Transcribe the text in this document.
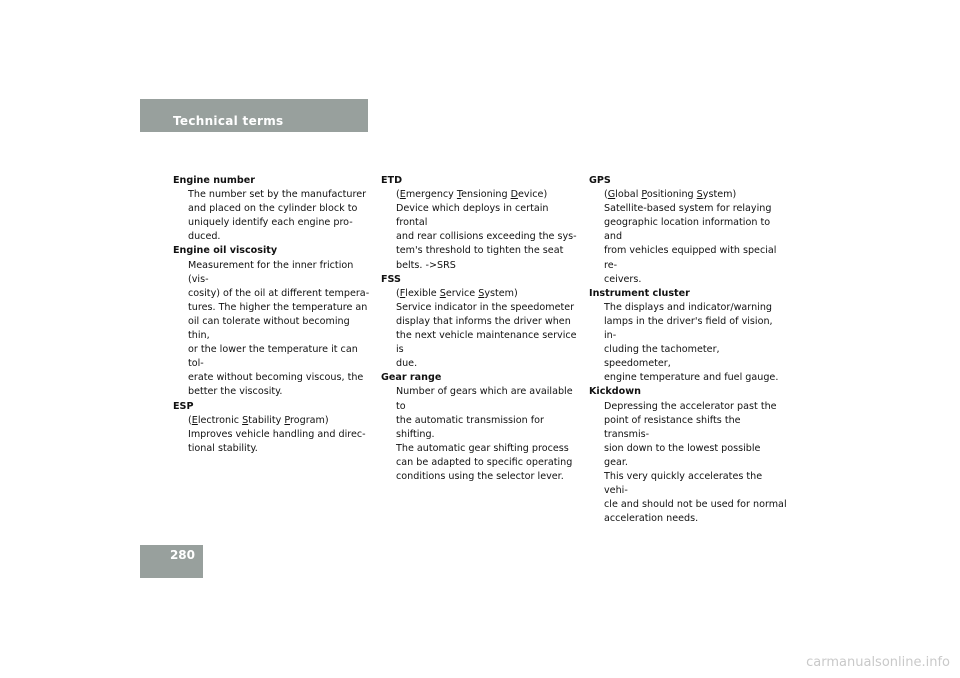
Technical terms
Engine number
The number set by the manufacturer
and placed on the cylinder block to
uniquely identify each engine pro-
duced.
Engine oil viscosity
Measurement for the inner friction (vis-
cosity) of the oil at different tempera-
tures. The higher the temperature an
oil can tolerate without becoming thin,
or the lower the temperature it can tol-
erate without becoming viscous, the
better the viscosity.
ESP
(Electronic Stability Program)
Improves vehicle handling and direc-
tional stability.
ETD
(Emergency Tensioning Device)
Device which deploys in certain frontal
and rear collisions exceeding the sys-
tem's threshold to tighten the seat
belts. ->SRS
FSS
(Flexible Service System)
Service indicator in the speedometer
display that informs the driver when
the next vehicle maintenance service is
due.
Gear range
Number of gears which are available to
the automatic transmission for shifting.
The automatic gear shifting process
can be adapted to specific operating
conditions using the selector lever.
GPS
(Global Positioning System)
Satellite-based system for relaying
geographic location information to and
from vehicles equipped with special re-
ceivers.
Instrument cluster
The displays and indicator/warning
lamps in the driver's field of vision, in-
cluding the tachometer, speedometer,
engine temperature and fuel gauge.
Kickdown
Depressing the accelerator past the
point of resistance shifts the transmis-
sion down to the lowest possible gear.
This very quickly accelerates the vehi-
cle and should not be used for normal
acceleration needs.
280
carmanualsonline.info
